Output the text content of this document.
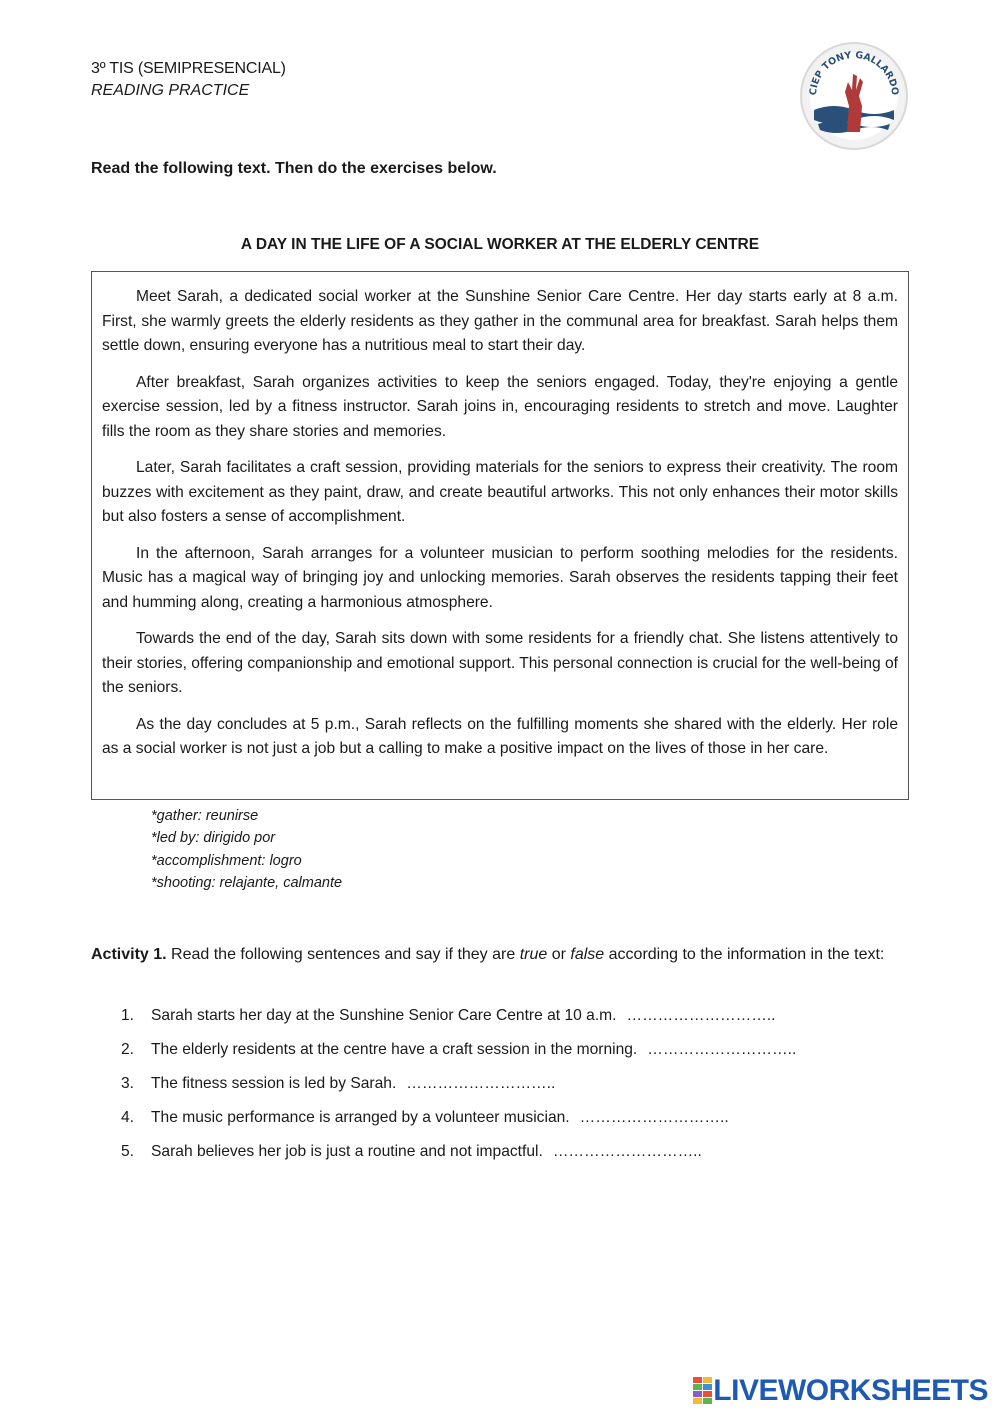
3º TIS (SEMIPRESENCIAL)
READING PRACTICE	CIEP TONY GALLARDO
Read the following text. Then do the exercises below.
A DAY IN THE LIFE OF A SOCIAL WORKER AT THE ELDERLY CENTRE

Meet Sarah, a dedicated social worker at the Sunshine Senior Care Centre. Her day starts early at 8 a.m. First, she warmly greets the elderly residents as they gather in the communal area for breakfast. Sarah helps them settle down, ensuring everyone has a nutritious meal to start their day.

After breakfast, Sarah organizes activities to keep the seniors engaged. Today, they're enjoying a gentle exercise session, led by a fitness instructor. Sarah joins in, encouraging residents to stretch and move. Laughter fills the room as they share stories and memories.

Later, Sarah facilitates a craft session, providing materials for the seniors to express their creativity. The room buzzes with excitement as they paint, draw, and create beautiful artworks. This not only enhances their motor skills but also fosters a sense of accomplishment.

In the afternoon, Sarah arranges for a volunteer musician to perform soothing melodies for the residents. Music has a magical way of bringing joy and unlocking memories. Sarah observes the residents tapping their feet and humming along, creating a harmonious atmosphere.

Towards the end of the day, Sarah sits down with some residents for a friendly chat. She listens attentively to their stories, offering companionship and emotional support. This personal connection is crucial for the well-being of the seniors.

As the day concludes at 5 p.m., Sarah reflects on the fulfilling moments she shared with the elderly. Her role as a social worker is not just a job but a calling to make a positive impact on the lives of those in her care.

*gather: reunirse
*led by: dirigido por
*accomplishment: logro
*shooting: relajante, calmante
Activity 1. Read the following sentences and say if they are true or false according to the information in the text:
1. Sarah starts her day at the Sunshine Senior Care Centre at 10 a.m. ………………………..
2. The elderly residents at the centre have a craft session in the morning. ………………………..
3. The fitness session is led by Sarah. ………………………..
4. The music performance is arranged by a volunteer musician. ………………………..
5. Sarah believes her job is just a routine and not impactful. ………………………..
LIVEWORKSHEETS
